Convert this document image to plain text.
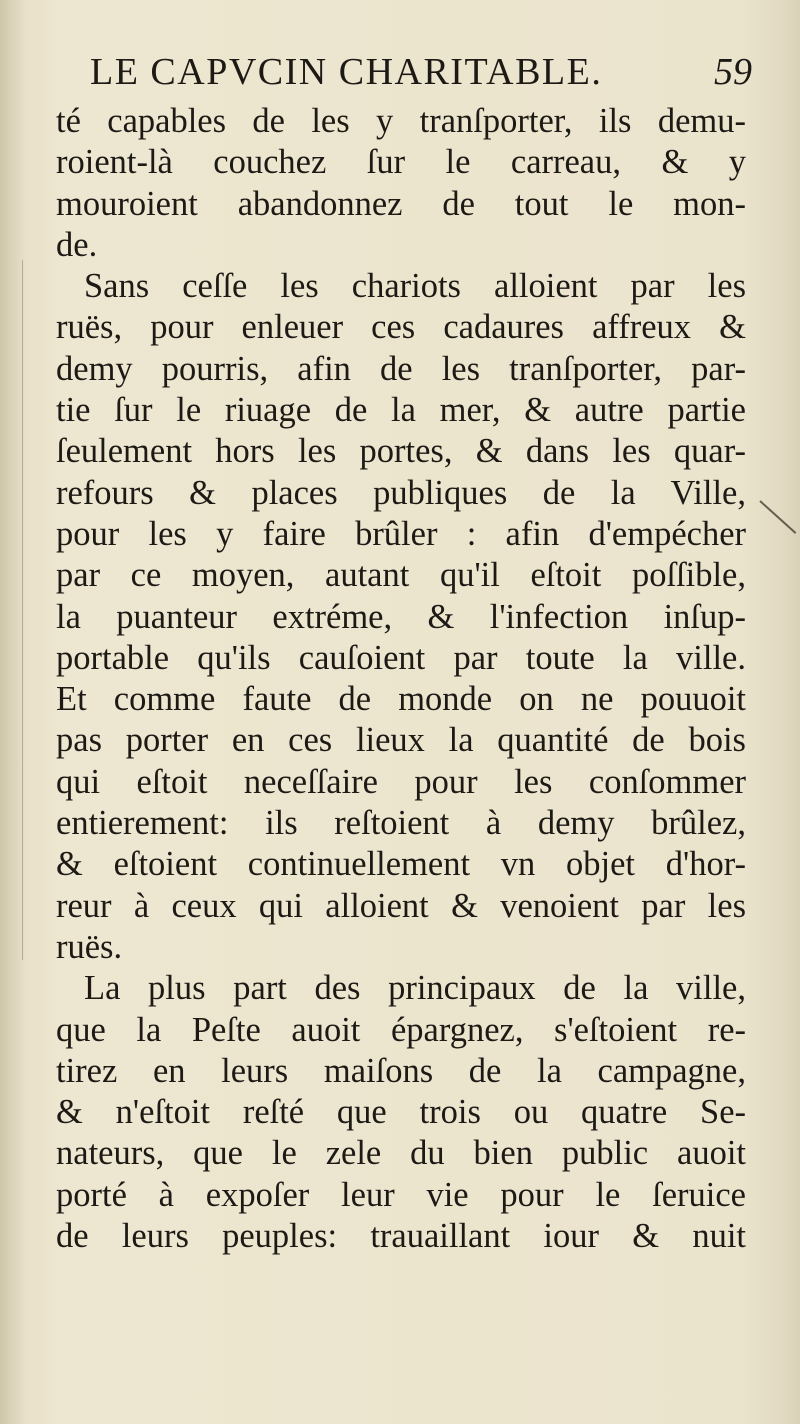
LE CAPVCIN CHARITABLE.	59
té capables de les y tranſporter, ils demu-
roient-là couchez ſur le carreau, & y
mouroient abandonnez de tout le mon-
de.
Sans ceſſe les chariots alloient par les
ruës, pour enleuer ces cadaures affreux &
demy pourris, afin de les tranſporter, par-
tie ſur le riuage de la mer, & autre partie
ſeulement hors les portes, & dans les quar-
refours & places publiques de la Ville,
pour les y faire brûler : afin d'empécher
par ce moyen, autant qu'il eſtoit poſſible,
la puanteur extréme, & l'infection inſup-
portable qu'ils cauſoient par toute la ville.
Et comme faute de monde on ne pouuoit
pas porter en ces lieux la quantité de bois
qui eſtoit neceſſaire pour les conſommer
entierement: ils reſtoient à demy brûlez,
& eſtoient continuellement vn objet d'hor-
reur à ceux qui alloient & venoient par les
ruës.
La plus part des principaux de la ville,
que la Peſte auoit épargnez, s'eſtoient re-
tirez en leurs maiſons de la campagne,
& n'eſtoit reſté que trois ou quatre Se-
nateurs, que le zele du bien public auoit
porté à expoſer leur vie pour le ſeruice
de leurs peuples: trauaillant iour & nuit
